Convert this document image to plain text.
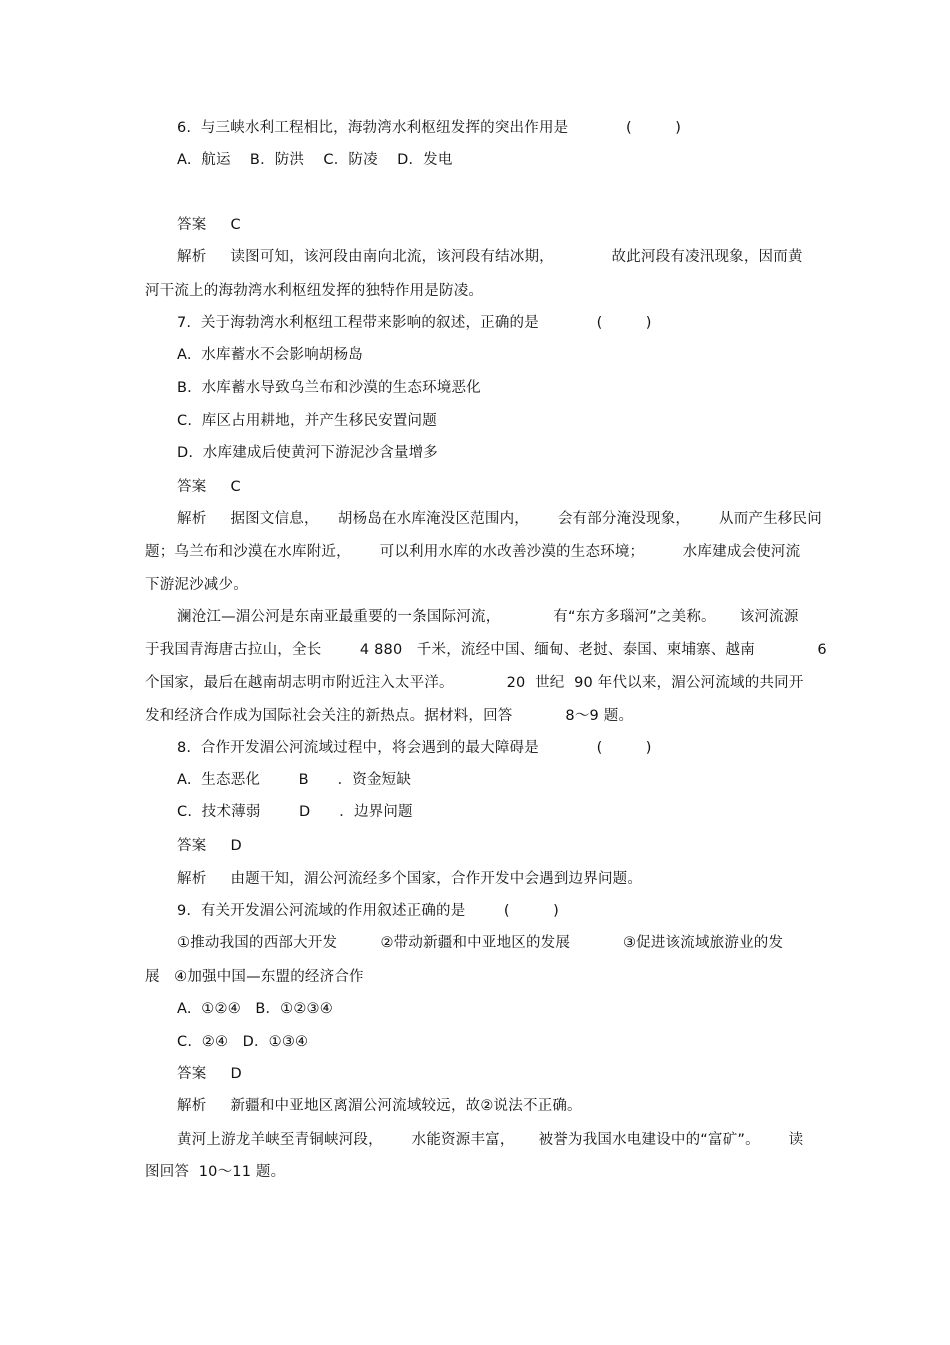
6.  与三峡水利工程相比，海勃湾水利枢纽发挥的突出作用是            (         )
A.  航运    B．防洪    C．防凌    D．发电
答案     C
解析     读图可知，该河段由南向北流，该河段有结冰期，            故此河段有凌汛现象，因而黄
河干流上的海勃湾水利枢纽发挥的独特作用是防凌。
7.  关于海勃湾水利枢纽工程带来影响的叙述，正确的是            (         )
A.  水库蓄水不会影响胡杨岛
B.  水库蓄水导致乌兰布和沙漠的生态环境恶化
C.  库区占用耕地，并产生移民安置问题
D.  水库建成后使黄河下游泥沙含量增多
答案     C
解析     据图文信息，    胡杨岛在水库淹没区范围内，      会有部分淹没现象，      从而产生移民问
题；乌兰布和沙漠在水库附近，      可以利用水库的水改善沙漠的生态环境；        水库建成会使河流
下游泥沙减少。
澜沧江—湄公河是东南亚最重要的一条国际河流，           有“东方多瑙河”之美称。     该河流源
于我国青海唐古拉山，全长        4 880   千米，流经中国、缅甸、老挝、泰国、柬埔寨、越南             6
个国家，最后在越南胡志明市附近注入太平洋。           20  世纪  90 年代以来，湄公河流域的共同开
发和经济合作成为国际社会关注的新热点。据材料，回答           8～9 题。
8.  合作开发湄公河流域过程中，将会遇到的最大障碍是            (         )
A.  生态恶化        B      ．资金短缺
C.  技术薄弱        D      ．边界问题
答案     D
解析     由题干知，湄公河流经多个国家，合作开发中会遇到边界问题。
9.  有关开发湄公河流域的作用叙述正确的是        (         )
①推动我国的西部大开发         ②带动新疆和中亚地区的发展           ③促进该流域旅游业的发
展   ④加强中国—东盟的经济合作
A.  ①②④   B．①②③④
C.  ②④   D．①③④
答案     D
解析     新疆和中亚地区离湄公河流域较远，故②说法不正确。
黄河上游龙羊峡至青铜峡河段，      水能资源丰富，     被誉为我国水电建设中的“富矿”。      读
图回答  10～11 题。
